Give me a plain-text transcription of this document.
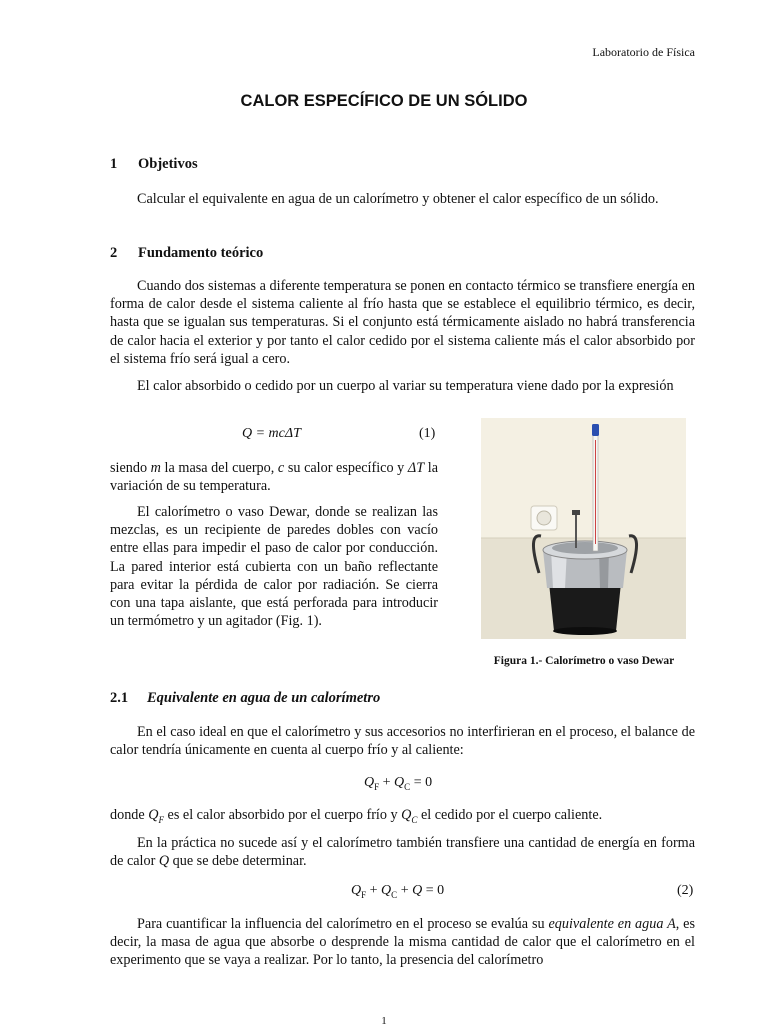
Laboratorio de Física
CALOR ESPECÍFICO DE UN SÓLIDO
1 Objetivos

Calcular el equivalente en agua de un calorímetro y obtener el calor específico de un sólido.

2 Fundamento teórico

Cuando dos sistemas a diferente temperatura se ponen en contacto térmico se transfiere energía en forma de calor desde el sistema caliente al frío hasta que se establece el equilibrio térmico, es decir, hasta que se igualan sus temperaturas. Si el conjunto está térmicamente aislado no habrá transferencia de calor hacia el exterior y por tanto el calor cedido por el sistema caliente más el calor absorbido por el sistema frío será igual a cero.

El calor absorbido o cedido por un cuerpo al variar su temperatura viene dado por la expresión

Q = mcΔT	(1)

siendo m la masa del cuerpo, c su calor específico y ΔT la variación de su temperatura.

El calorímetro o vaso Dewar, donde se realizan las mezclas, es un recipiente de paredes dobles con vacío entre ellas para impedir el paso de calor por conducción. La pared interior está cubierta con un baño reflectante para evitar la pérdida de calor por radiación. Se cierra con una tapa aislante, que está perforada para introducir un termómetro y un agitador (Fig. 1).

Figura 1.- Calorímetro o vaso Dewar
2.1 Equivalente en agua de un calorímetro

En el caso ideal en que el calorímetro y sus accesorios no interfirieran en el proceso, el balance de calor tendría únicamente en cuenta al cuerpo frío y al caliente:

$Q_F + Q_C = 0$

donde $Q_F$ es el calor absorbido por el cuerpo frío y $Q_C$ el cedido por el cuerpo caliente.

En la práctica no sucede así y el calorímetro también transfiere una cantidad de energía en forma de calor Q que se debe determinar.

$Q_F + Q_C + Q = 0$	(2)

Para cuantificar la influencia del calorímetro en el proceso se evalúa su equivalente en agua A, es decir, la masa de agua que absorbe o desprende la misma cantidad de calor que el calorímetro en el experimento que se vaya a realizar. Por lo tanto, la presencia del calorímetro

1
